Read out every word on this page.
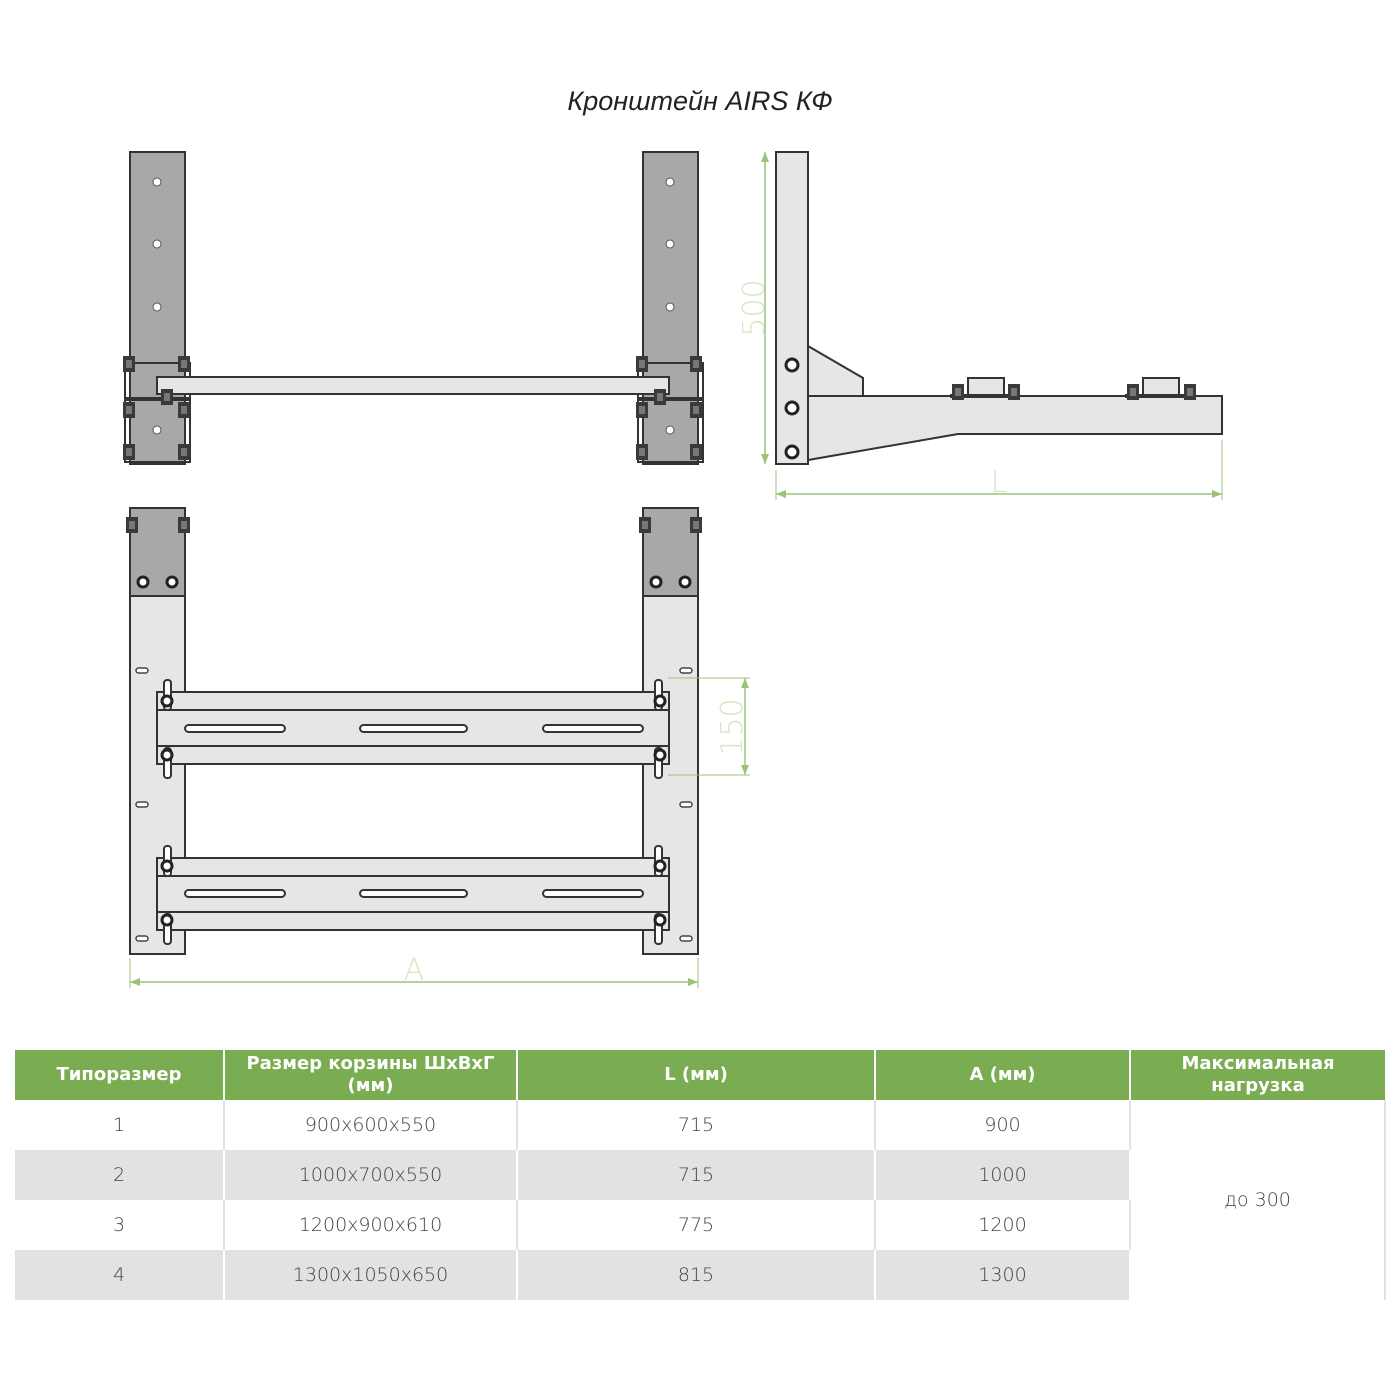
Кронштейн AIRS КФ
500
L
150
A
Типоразмер	Размер корзины ШхВхГ (мм)	L (мм)	A (мм)	Максимальная нагрузка
1	900х600х550	715	900	до 300
2	1000х700х550	715	1000	
3	1200х900х610	775	1200	
4	1300х1050х650	815	1300	
